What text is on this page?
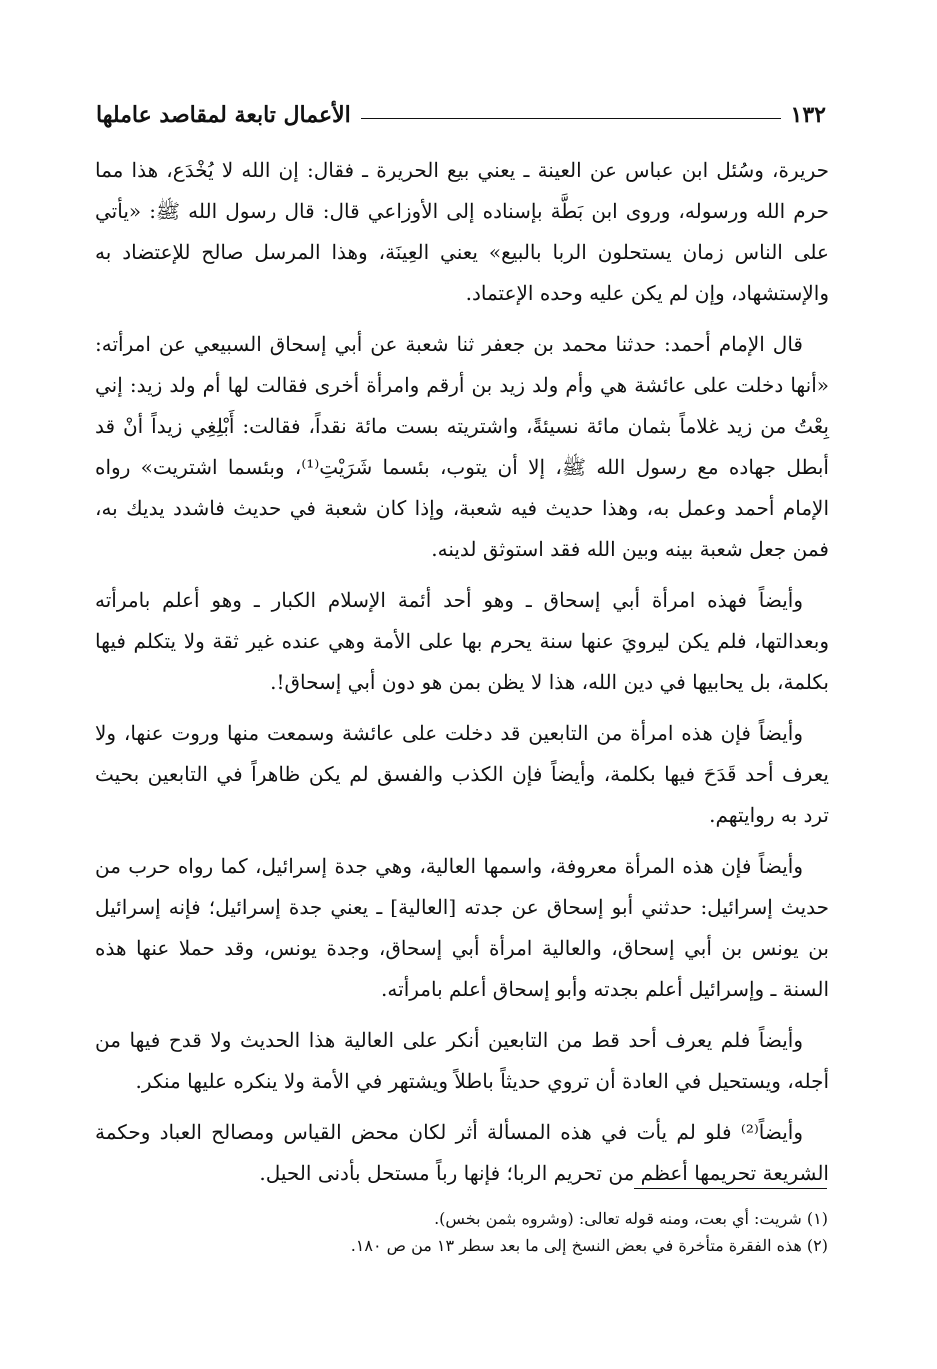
١٣٢
الأعمال تابعة لمقاصد عاملها

حريرة، وسُئل ابن عباس عن العينة ـ يعني بيع الحريرة ـ فقال: إن الله لا يُخْدَع، هذا مما حرم الله ورسوله، وروى ابن بَطَّة بإسناده إلى الأوزاعي قال: قال رسول الله ﷺ: «يأتي على الناس زمان يستحلون الربا بالبيع» يعني العِينَة، وهذا المرسل صالح للإعتضاد به والإستشهاد، وإن لم يكن عليه وحده الإعتماد.

قال الإمام أحمد: حدثنا محمد بن جعفر ثنا شعبة عن أبي إسحاق السبيعي عن امرأته: «أنها دخلت على عائشة هي وأم ولد زيد بن أرقم وامرأة أخرى فقالت لها أم ولد زيد: إني بِعْتُ من زيد غلاماً بثمان مائة نسيئةً، واشتريته بست مائة نقداً، فقالت: أَبْلِغِي زيداً أنْ قد أبطل جهاده مع رسول الله ﷺ، إلا أن يتوب، بئسما شَرَيْتِ⁽¹⁾، وبئسما اشتريت» رواه الإمام أحمد وعمل به، وهذا حديث فيه شعبة، وإذا كان شعبة في حديث فاشدد يديك به، فمن جعل شعبة بينه وبين الله فقد استوثق لدينه.

وأيضاً فهذه امرأة أبي إسحاق ـ وهو أحد أئمة الإسلام الكبار ـ وهو أعلم بامرأته وبعدالتها، فلم يكن ليرويَ عنها سنة يحرم بها على الأمة وهي عنده غير ثقة ولا يتكلم فيها بكلمة، بل يحابيها في دين الله، هذا لا يظن بمن هو دون أبي إسحاق!.

وأيضاً فإن هذه امرأة من التابعين قد دخلت على عائشة وسمعت منها وروت عنها، ولا يعرف أحد قَدَحَ فيها بكلمة، وأيضاً فإن الكذب والفسق لم يكن ظاهراً في التابعين بحيث ترد به روايتهم.

وأيضاً فإن هذه المرأة معروفة، واسمها العالية، وهي جدة إسرائيل، كما رواه حرب من حديث إسرائيل: حدثني أبو إسحاق عن جدته [العالية] ـ يعني جدة إسرائيل؛ فإنه إسرائيل بن يونس بن أبي إسحاق، والعالية امرأة أبي إسحاق، وجدة يونس، وقد حملا عنها هذه السنة ـ وإسرائيل أعلم بجدته وأبو إسحاق أعلم بامرأته.

وأيضاً فلم يعرف أحد قط من التابعين أنكر على العالية هذا الحديث ولا قدح فيها من أجله، ويستحيل في العادة أن تروي حديثاً باطلاً ويشتهر في الأمة ولا ينكره عليها منكر.

وأيضاً⁽²⁾ فلو لم يأت في هذه المسألة أثر لكان محض القياس ومصالح العباد وحكمة الشريعة تحريمها أعظم من تحريم الربا؛ فإنها رباً مستحل بأدنى الحيل.

(١) شريت: أي بعت، ومنه قوله تعالى: (وشروه بثمن بخس).

(٢) هذه الفقرة متأخرة في بعض النسخ إلى ما بعد سطر ١٣ من ص ١٨٠.
